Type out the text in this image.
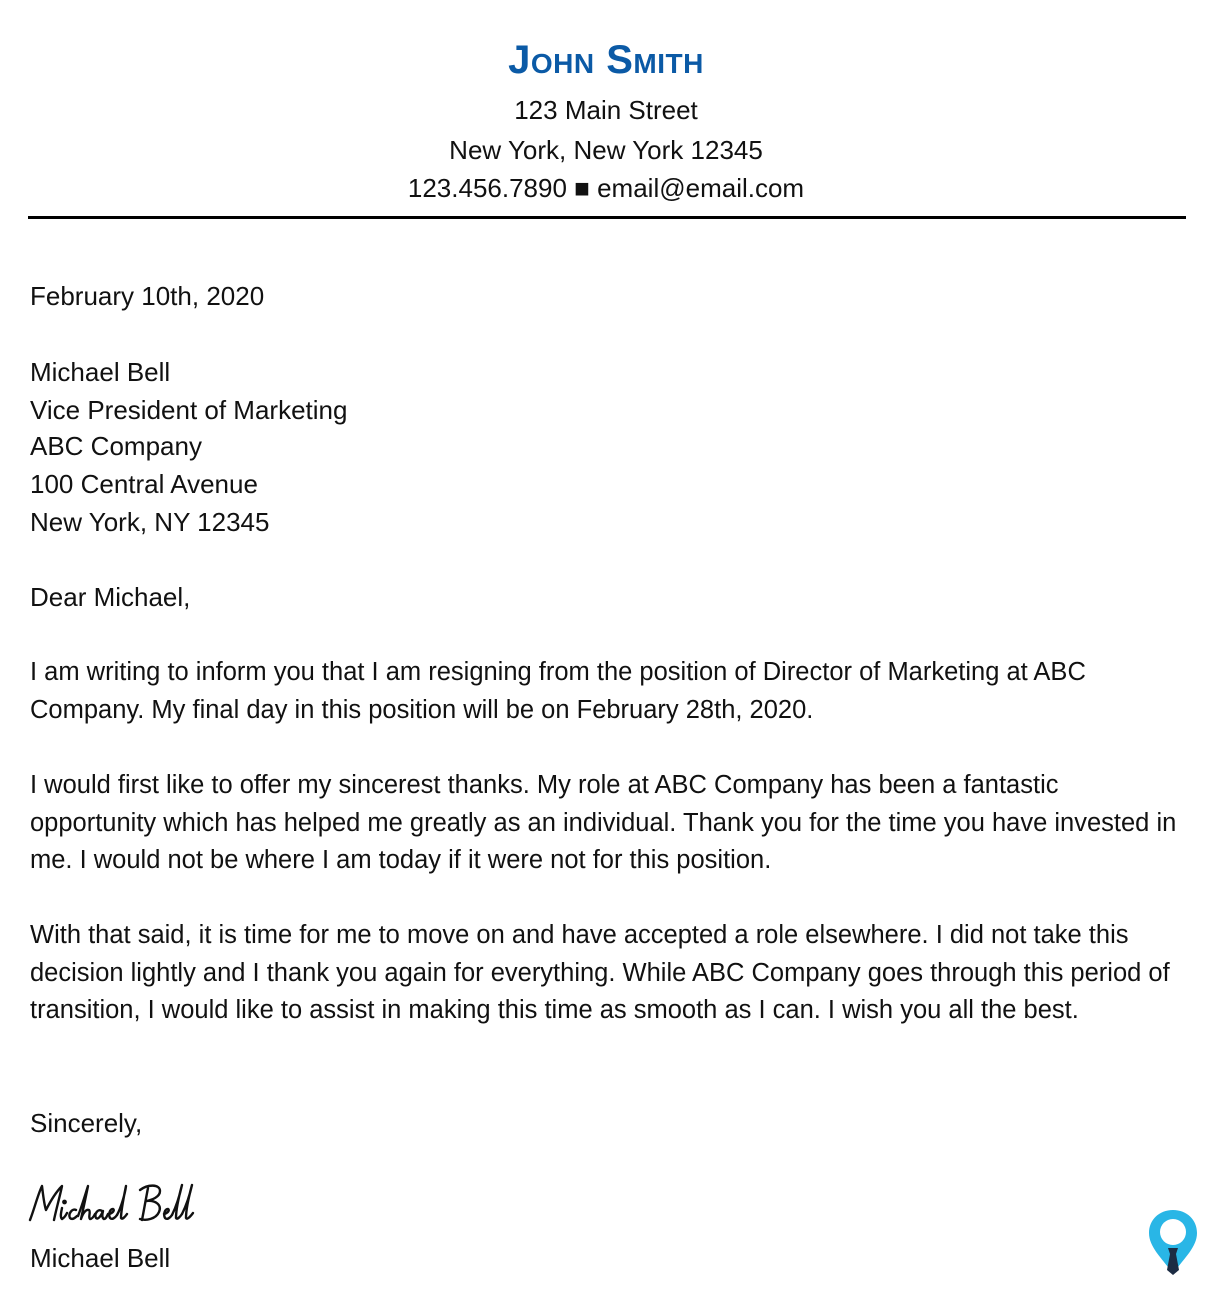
John Smith
123 Main Street
New York, New York 12345
123.456.7890 ■ email@email.com
February 10th, 2020
Michael Bell
Vice President of Marketing
ABC Company
100 Central Avenue
New York, NY 12345
Dear Michael,
I am writing to inform you that I am resigning from the position of Director of Marketing at ABC Company. My final day in this position will be on February 28th, 2020.
I would first like to offer my sincerest thanks. My role at ABC Company has been a fantastic opportunity which has helped me greatly as an individual. Thank you for the time you have invested in me. I would not be where I am today if it were not for this position.
With that said, it is time for me to move on and have accepted a role elsewhere. I did not take this decision lightly and I thank you again for everything. While ABC Company goes through this period of transition, I would like to assist in making this time as smooth as I can. I wish you all the best.
Sincerely,
Michael Bell
